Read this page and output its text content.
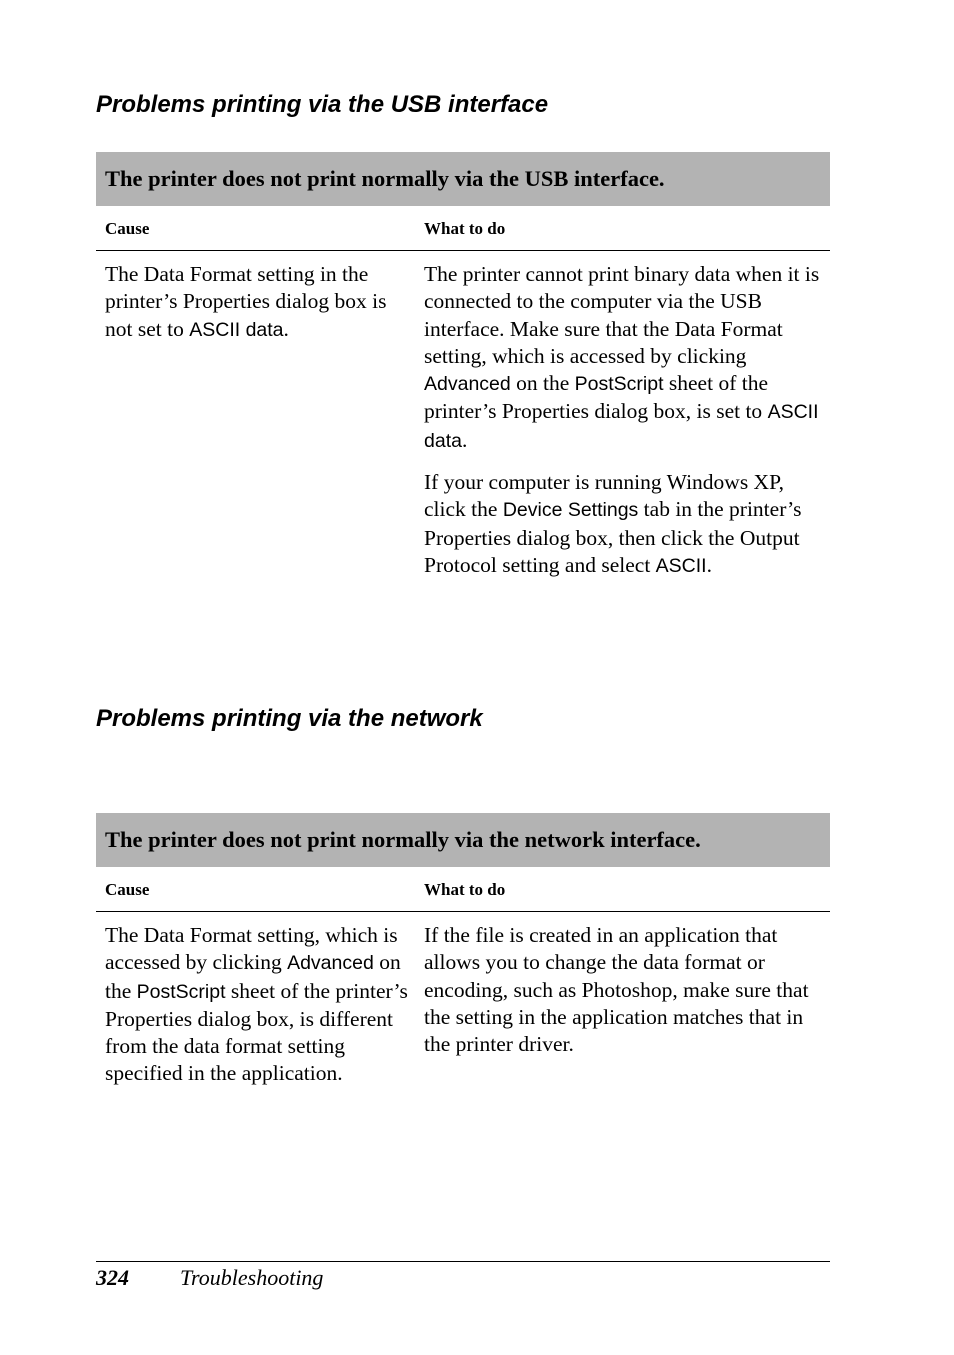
Problems printing via the USB interface
The printer does not print normally via the USB interface.
Cause	What to do

The Data Format setting in the printer’s Properties dialog box is not set to ASCII data.

The printer cannot print binary data when it is connected to the computer via the USB interface. Make sure that the Data Format setting, which is accessed by clicking Advanced on the PostScript sheet of the printer’s Properties dialog box, is set to ASCII data.

If your computer is running Windows XP, click the Device Settings tab in the printer’s Properties dialog box, then click the Output Protocol setting and select ASCII.

Problems printing via the network
The printer does not print normally via the network interface.
Cause	What to do

The Data Format setting, which is accessed by clicking Advanced on the PostScript sheet of the printer’s Properties dialog box, is different from the data format setting specified in the application.

If the file is created in an application that allows you to change the data format or encoding, such as Photoshop, make sure that the setting in the application matches that in the printer driver.

324 Troubleshooting
